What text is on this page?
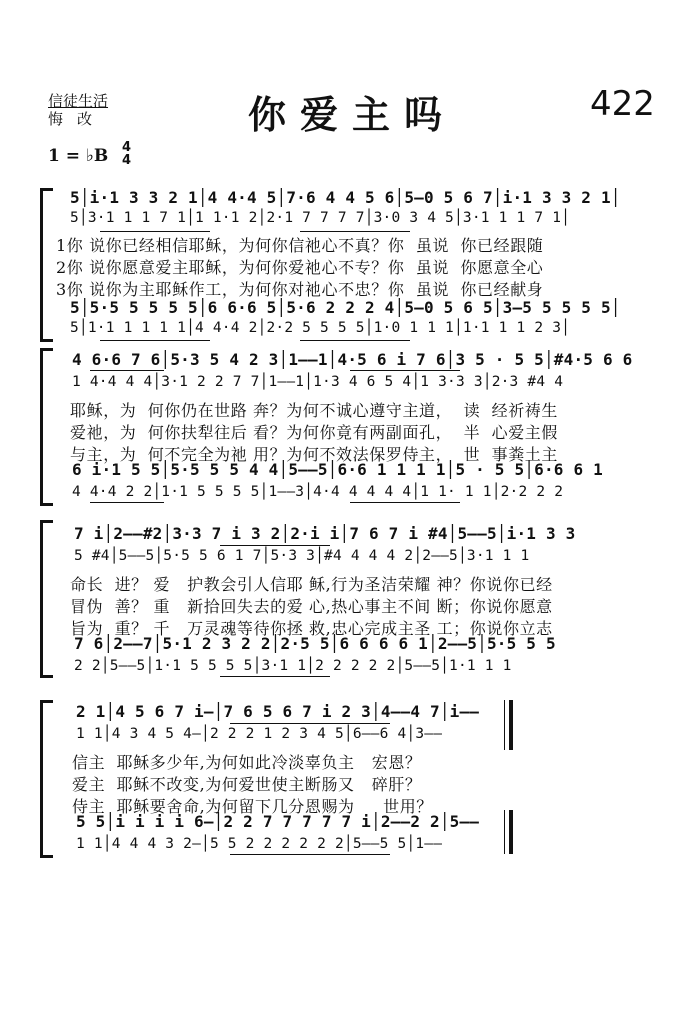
信徒生活
悔改	你爱主吗	422
1 = ♭B 4
4
5│i·1 3 3 2 1│4 4·4 5│7·6 4 4 5 6│5–0 5 6 7│i·1 3 3 2 1│
5│3·1 1 1 7 1│1 1·1 2│2·1 7 7 7 7│3·0 3 4 5│3·1 1 1 7 1│
1你 说你已经相信耶稣，为何你信祂心不真？你  虽说  你已经跟随
2你 说你愿意爱主耶稣，为何你爱祂心不专？你  虽说  你愿意全心
3你 说你为主耶稣作工，为何你对祂心不忠？你  虽说  你已经献身
5│5·5 5 5 5 5│6 6·6 5│5·6 2 2 2 4│5–0 5 6 5│3–5 5 5 5 5│
5│1·1 1 1 1 1│4 4·4 2│2·2 5 5 5 5│1·0 1 1 1│1·1 1 1 2 3│
4 6·6 7 6│5·3 5 4 2 3│1––1│4·5 6 i 7 6│3 5 · 5 5│#4·5 6 6
1 4·4 4 4│3·1 2 2 7 7│1––1│1·3 4 6 5 4│1 3·3 3│2·3 #4 4
耶稣，为  何你仍在世路 奔？为何不诚心遵守主道，  读  经祈祷生
爱祂，为  何你扶犁往后 看？为何你竟有两副面孔，  半  心爱主假
与主，为  何不完全为祂 用？为何不效法保罗侍主，  世  事粪土主
6 i·1 5 5│5·5 5 5 4 4│5––5│6·6 1 1 1 1│5 · 5 5│6·6 6 1
4 4·4 2 2│1·1 5 5 5 5│1––3│4·4 4 4 4 4│1 1· 1 1│2·2 2 2
7 i│2––#2│3·3 7 i 3 2│2·i i│7 6 7 i #4│5––5│i·1 3 3
5 #4│5––5│5·5 5 6 1 7│5·3 3│#4 4 4 4 2│2––5│3·1 1 1
命长  进？ 爱   护教会引人信耶 稣,行为圣洁荣耀 神？你说你已经
冒伪  善？ 重   新拾回失去的爱 心,热心事主不间 断；你说你愿意
旨为  重？ 千   万灵魂等待你拯 救,忠心完成主圣 工；你说你立志
7 6│2––7│5·1 2 3 2 2│2·5 5│6 6 6 6 1│2––5│5·5 5 5
2 2│5––5│1·1 5 5 5 5│3·1 1│2 2 2 2 2│5––5│1·1 1 1
2 1│4 5 6 7 i–│7 6 5 6 7 i 2 3│4––4 7│i––
1 1│4 3 4 5 4–│2 2 2 1 2 3 4 5│6––6 4│3––
信主  耶稣多少年,为何如此冷淡辜负主   宏恩？
爱主  耶稣不改变,为何爱世使主断肠又   碎肝？
侍主  耶稣要舍命,为何留下几分恩赐为     世用？
5 5│i i i i 6–│2 2 7 7 7 7 7 i│2––2 2│5––
1 1│4 4 4 3 2–│5 5 2 2 2 2 2 2│5––5 5│1––
